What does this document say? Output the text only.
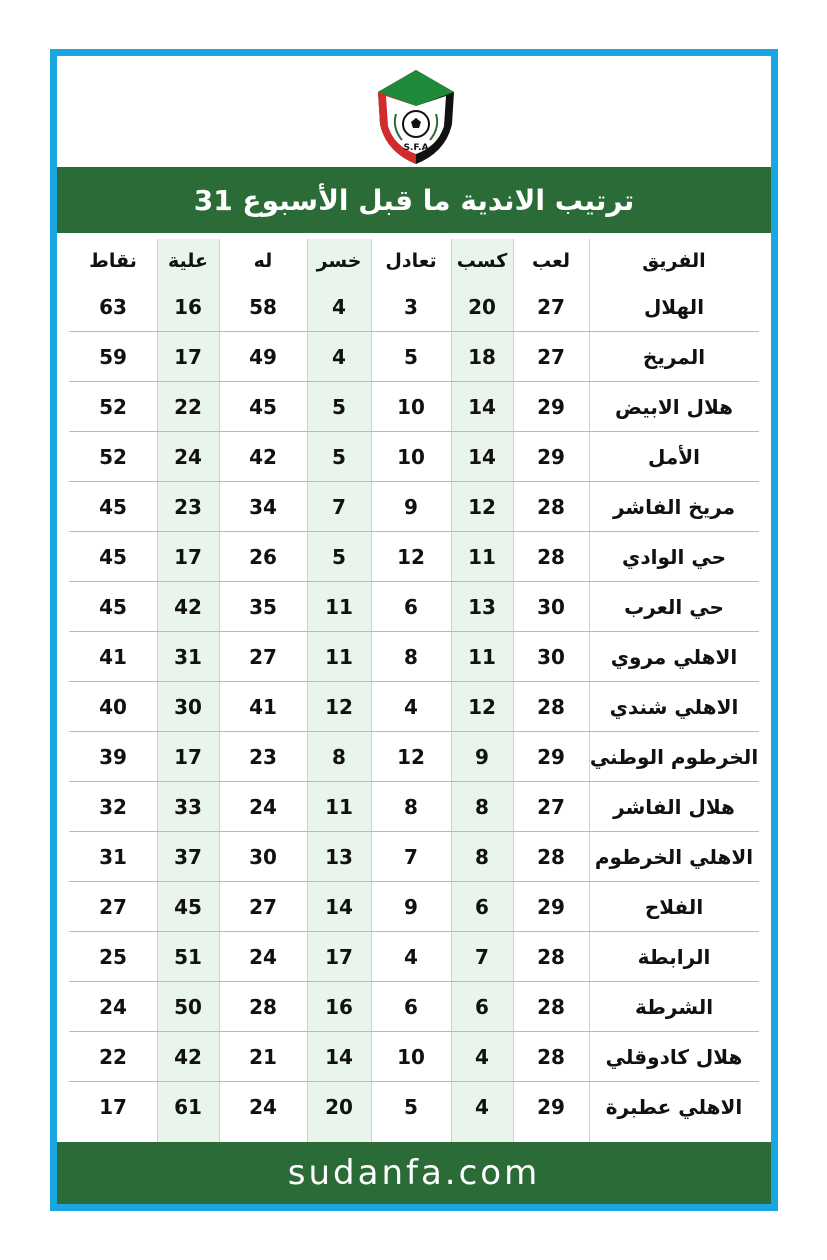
S.F.A
ترتيب الاندية ما قبل الأسبوع 31
الفريق	لعب	كسب	تعادل	خسر	له	علية	نقاط
الهلال	27	20	3	4	58	16	63
المريخ	27	18	5	4	49	17	59
هلال الابيض	29	14	10	5	45	22	52
الأمل	29	14	10	5	42	24	52
مريخ الفاشر	28	12	9	7	34	23	45
حي الوادي	28	11	12	5	26	17	45
حي العرب	30	13	6	11	35	42	45
الاهلي مروي	30	11	8	11	27	31	41
الاهلي شندي	28	12	4	12	41	30	40
الخرطوم الوطني	29	9	12	8	23	17	39
هلال الفاشر	27	8	8	11	24	33	32
الاهلي الخرطوم	28	8	7	13	30	37	31
الفلاح	29	6	9	14	27	45	27
الرابطة	28	7	4	17	24	51	25
الشرطة	28	6	6	16	28	50	24
هلال كادوقلي	28	4	10	14	21	42	22
الاهلي عطبرة	29	4	5	20	24	61	17
sudanfa.com
